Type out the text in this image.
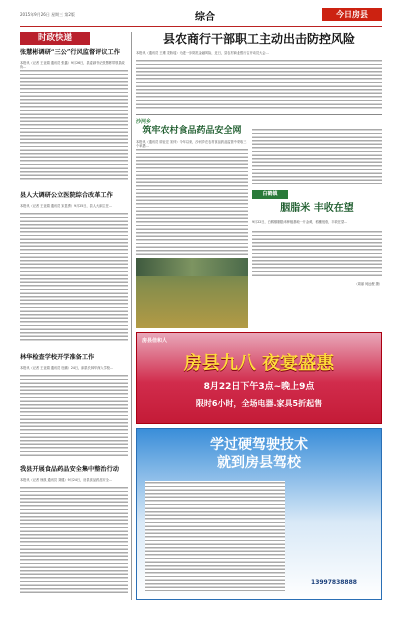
2015年9月26日 星期三 第2版	综合	今日房县
时政快递
张慧彬调研“三公”行风监督评议工作
本报讯（记者 王亚娟 通讯员 张鑫）9月26日，县委副书记张慧彬带领县政协…
县人大调研公立医院综合改革工作
本报讯（记者 王亚娟 通讯员 宋显勇）9月25日，县人大副主任…
林华检查学校开学准备工作
本报讯（记者 王亚娟 通讯员 杜鹏）24日，副县长林华深入学校…
我县开展食品药品安全集中整治行动
本报讯（记者 徐凯 通讯员 刘健）9月24日，房县食品药品安全…
县农商行干部职工主动出击防控风险
本报讯（通讯员 王瑾 龙娇瑶）为进一步防范金融风险，近日，县农村商业银行召开动员大会…
沙河乡
筑牢农村食品药品安全网
本报讯（通讯员 廖业宏 宋仲）今年以来，沙河乡在农村食品药品监管中采取三个举措…
白鹤镇
胭脂米 丰收在望
9月22日，白鹤镇胭脂米种植基地一片金黄，稻穗低垂，丰收在望…
（周丽 何远俊 摄）
房县佳和人
房县九八 夜宴盛惠
8月22日下午3点~晚上9点
限时6小时，全场电器.家具5折起售
学过硬驾驶技术
就到房县驾校
13997838888
